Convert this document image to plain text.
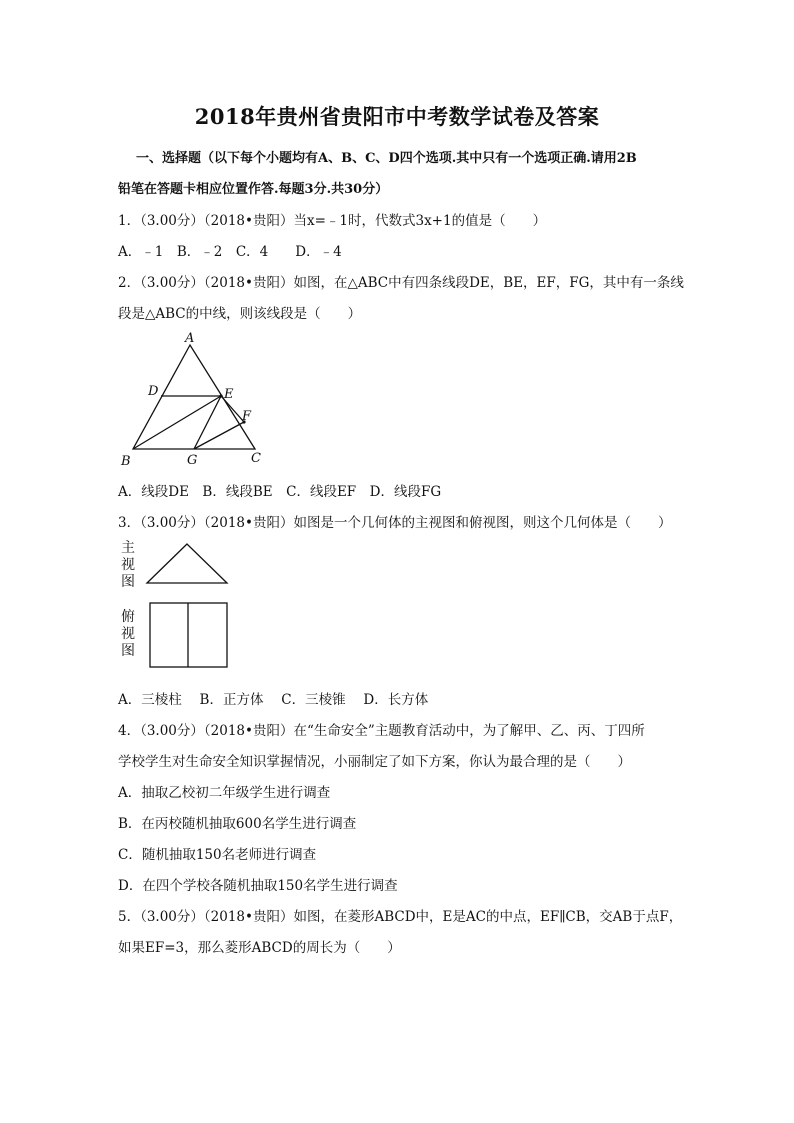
2018年贵州省贵阳市中考数学试卷及答案
一、选择题（以下每个小题均有A、B、C、D四个选项.其中只有一个选项正确.请用2B
铅笔在答题卡相应位置作答.每题3分.共30分）
1．（3.00分）（2018•贵阳）当x=﹣1时，代数式3x+1的值是（　　）
A．﹣1　B．﹣2　C．4　　D．﹣4
2．（3.00分）（2018•贵阳）如图，在△ABC中有四条线段DE，BE，EF，FG，其中有一条线
段是△ABC的中线，则该线段是（　　）
A
D	E
F
B	G	C
A．线段DE　B．线段BE　C．线段EF　D．线段FG
3．（3.00分）（2018•贵阳）如图是一个几何体的主视图和俯视图，则这个几何体是（　　）
主
视
图
俯
视
图
A．三棱柱　 B．正方体　 C．三棱锥　 D．长方体
4．（3.00分）（2018•贵阳）在“生命安全”主题教育活动中，为了解甲、乙、丙、丁四所
学校学生对生命安全知识掌握情况，小丽制定了如下方案，你认为最合理的是（　　）
A．抽取乙校初二年级学生进行调查
B．在丙校随机抽取600名学生进行调查
C．随机抽取150名老师进行调查
D．在四个学校各随机抽取150名学生进行调查
5．（3.00分）（2018•贵阳）如图，在菱形ABCD中，E是AC的中点，EF∥CB，交AB于点F，
如果EF=3，那么菱形ABCD的周长为（　　）
